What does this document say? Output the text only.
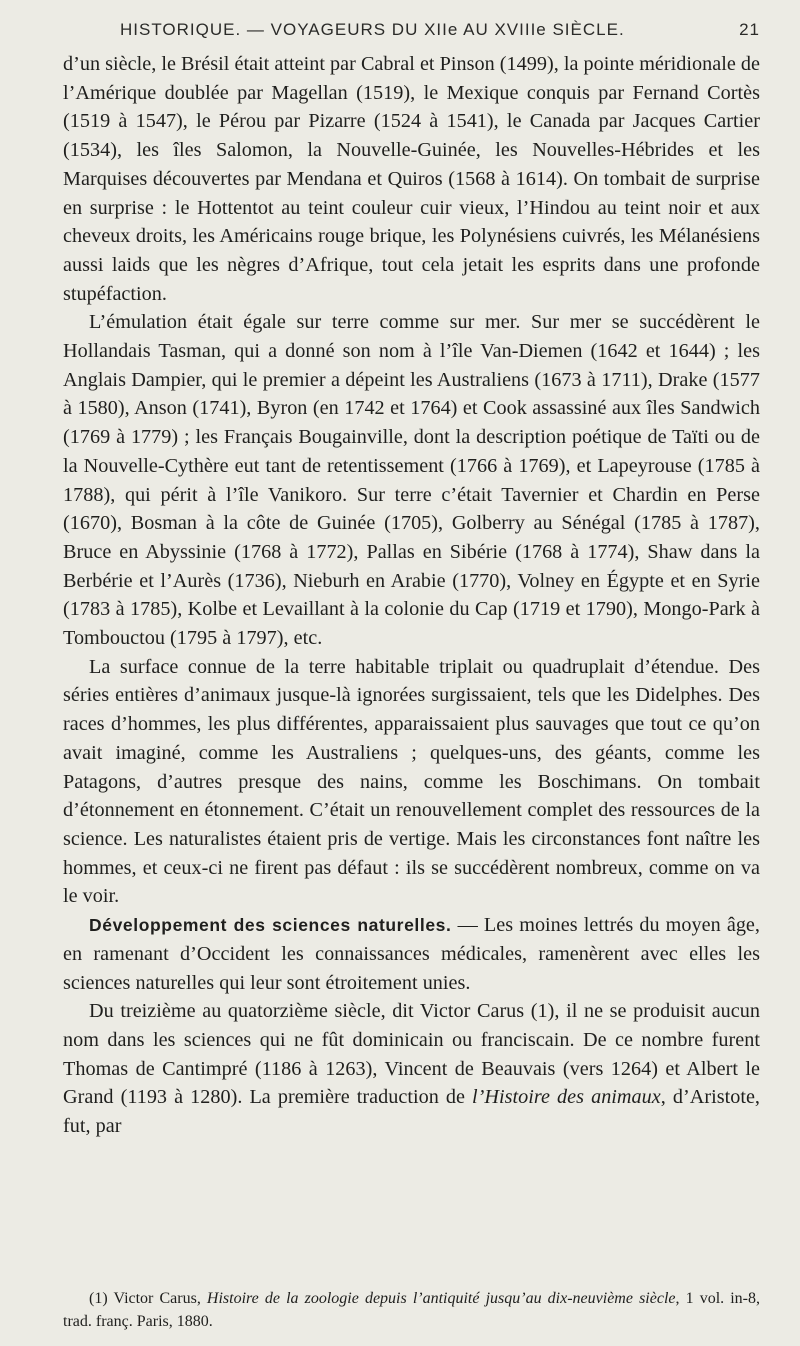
HISTORIQUE. — VOYAGEURS DU XIIe AU XVIIIe SIÈCLE.	21

d’un siècle, le Brésil était atteint par Cabral et Pinson (1499), la pointe méridionale de l’Amérique doublée par Magellan (1519), le Mexique conquis par Fernand Cortès (1519 à 1547), le Pérou par Pizarre (1524 à 1541), le Canada par Jacques Cartier (1534), les îles Salomon, la Nouvelle-Guinée, les Nouvelles-Hébrides et les Marquises découvertes par Mendana et Quiros (1568 à 1614). On tombait de surprise en surprise : le Hottentot au teint couleur cuir vieux, l’Hindou au teint noir et aux cheveux droits, les Américains rouge brique, les Polynésiens cuivrés, les Mélanésiens aussi laids que les nègres d’Afrique, tout cela jetait les esprits dans une profonde stupéfaction.

L’émulation était égale sur terre comme sur mer. Sur mer se succédèrent le Hollandais Tasman, qui a donné son nom à l’île Van-Diemen (1642 et 1644) ; les Anglais Dampier, qui le premier a dépeint les Australiens (1673 à 1711), Drake (1577 à 1580), Anson (1741), Byron (en 1742 et 1764) et Cook assassiné aux îles Sandwich (1769 à 1779) ; les Français Bougainville, dont la description poétique de Taïti ou de la Nouvelle-Cythère eut tant de retentissement (1766 à 1769), et Lapeyrouse (1785 à 1788), qui périt à l’île Vanikoro. Sur terre c’était Tavernier et Chardin en Perse (1670), Bosman à la côte de Guinée (1705), Golberry au Sénégal (1785 à 1787), Bruce en Abyssinie (1768 à 1772), Pallas en Sibérie (1768 à 1774), Shaw dans la Berbérie et l’Aurès (1736), Nieburh en Arabie (1770), Volney en Égypte et en Syrie (1783 à 1785), Kolbe et Levaillant à la colonie du Cap (1719 et 1790), Mongo-Park à Tombouctou (1795 à 1797), etc.

La surface connue de la terre habitable triplait ou quadruplait d’étendue. Des séries entières d’animaux jusque-là ignorées surgissaient, tels que les Didelphes. Des races d’hommes, les plus différentes, apparaissaient plus sauvages que tout ce qu’on avait imaginé, comme les Australiens ; quelques-uns, des géants, comme les Patagons, d’autres presque des nains, comme les Boschimans. On tombait d’étonnement en étonnement. C’était un renouvellement complet des ressources de la science. Les naturalistes étaient pris de vertige. Mais les circonstances font naître les hommes, et ceux-ci ne firent pas défaut : ils se succédèrent nombreux, comme on va le voir.

Développement des sciences naturelles. — Les moines lettrés du moyen âge, en ramenant d’Occident les connaissances médicales, ramenèrent avec elles les sciences naturelles qui leur sont étroitement unies.

Du treizième au quatorzième siècle, dit Victor Carus (1), il ne se produisit aucun nom dans les sciences qui ne fût dominicain ou franciscain. De ce nombre furent Thomas de Cantimpré (1186 à 1263), Vincent de Beauvais (vers 1264) et Albert le Grand (1193 à 1280). La première traduction de l’Histoire des animaux, d’Aristote, fut, par

(1) Victor Carus, Histoire de la zoologie depuis l’antiquité jusqu’au dix-neuvième siècle, 1 vol. in-8, trad. franç. Paris, 1880.
